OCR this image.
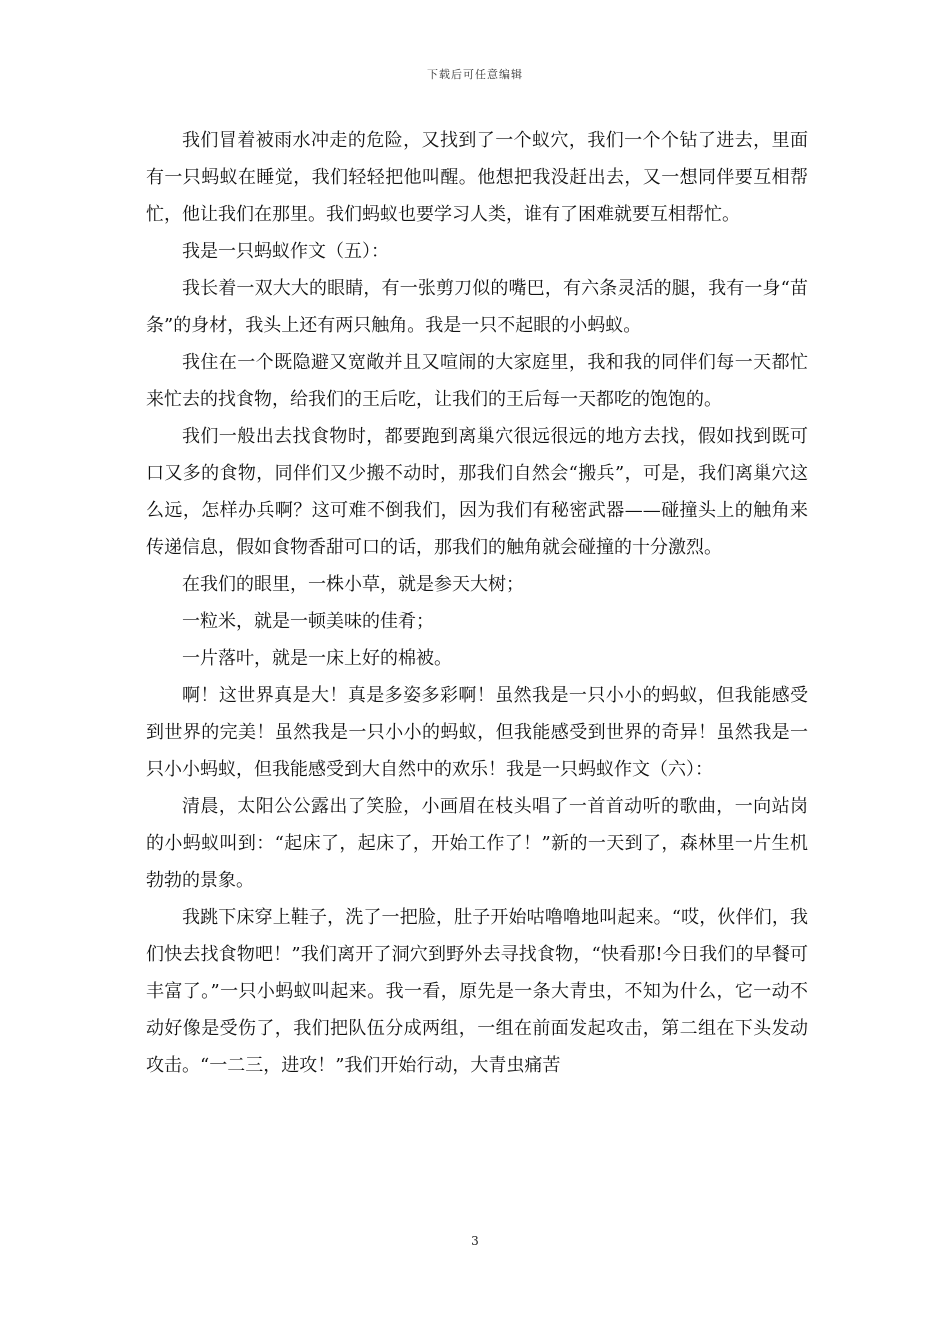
下载后可任意编辑

我们冒着被雨水冲走的危险，又找到了一个蚁穴，我们一个个钻了进去，里面有一只蚂蚁在睡觉，我们轻轻把他叫醒。他想把我没赶出去，又一想同伴要互相帮忙，他让我们在那里。我们蚂蚁也要学习人类，谁有了困难就要互相帮忙。

我是一只蚂蚁作文（五）：

我长着一双大大的眼睛，有一张剪刀似的嘴巴，有六条灵活的腿，我有一身“苗条”的身材，我头上还有两只触角。我是一只不起眼的小蚂蚁。

我住在一个既隐避又宽敞并且又喧闹的大家庭里，我和我的同伴们每一天都忙来忙去的找食物，给我们的王后吃，让我们的王后每一天都吃的饱饱的。

我们一般出去找食物时，都要跑到离巢穴很远很远的地方去找，假如找到既可口又多的食物，同伴们又少搬不动时，那我们自然会“搬兵”，可是，我们离巢穴这么远，怎样办兵啊？这可难不倒我们，因为我们有秘密武器——碰撞头上的触角来传递信息，假如食物香甜可口的话，那我们的触角就会碰撞的十分激烈。

在我们的眼里，一株小草，就是参天大树；

一粒米，就是一顿美味的佳肴；

一片落叶，就是一床上好的棉被。

啊！这世界真是大！真是多姿多彩啊！虽然我是一只小小的蚂蚁，但我能感受到世界的完美！虽然我是一只小小的蚂蚁，但我能感受到世界的奇异！虽然我是一只小小蚂蚁，但我能感受到大自然中的欢乐！我是一只蚂蚁作文（六）：

清晨，太阳公公露出了笑脸，小画眉在枝头唱了一首首动听的歌曲，一向站岗的小蚂蚁叫到：“起床了，起床了，开始工作了！”新的一天到了，森林里一片生机勃勃的景象。

我跳下床穿上鞋子，洗了一把脸，肚子开始咕噜噜地叫起来。“哎，伙伴们，我们快去找食物吧！”我们离开了洞穴到野外去寻找食物，“快看那!今日我们的早餐可丰富了。”一只小蚂蚁叫起来。我一看，原先是一条大青虫，不知为什么，它一动不动好像是受伤了，我们把队伍分成两组，一组在前面发起攻击，第二组在下头发动攻击。“一二三，进攻！”我们开始行动，大青虫痛苦

3
